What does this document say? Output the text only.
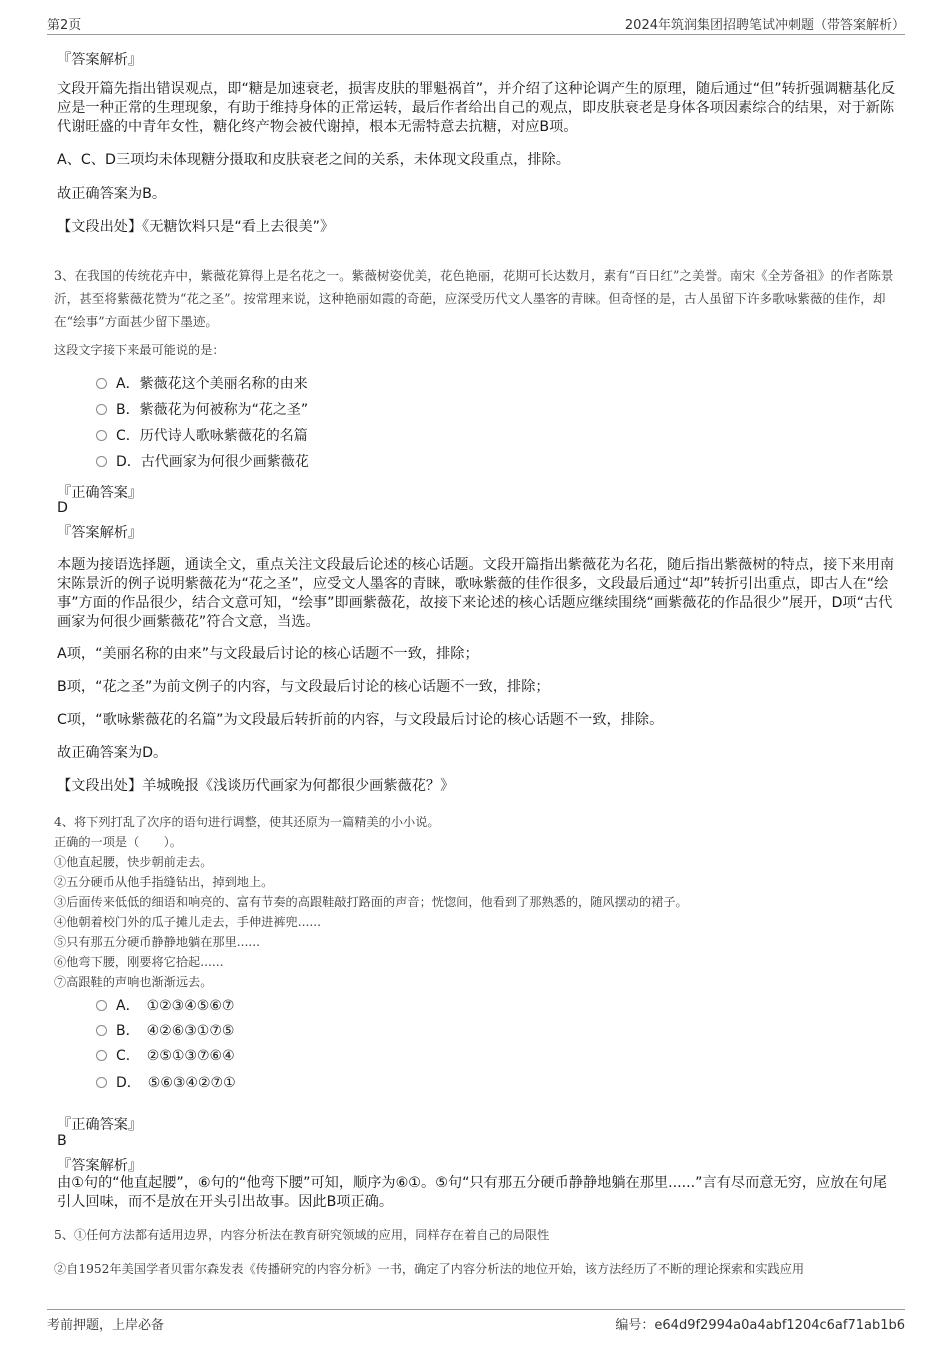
第2页	2024年筑润集团招聘笔试冲刺题（带答案解析）
『答案解析』
文段开篇先指出错误观点，即“糖是加速衰老，损害皮肤的罪魁祸首”，并介绍了这种论调产生的原理，随后通过“但”转折强调糖基化反应是一种正常的生理现象，有助于维持身体的正常运转，最后作者给出自己的观点，即皮肤衰老是身体各项因素综合的结果，对于新陈代谢旺盛的中青年女性，糖化终产物会被代谢掉，根本无需特意去抗糖，对应B项。
A、C、D三项均未体现糖分摄取和皮肤衰老之间的关系，未体现文段重点，排除。
故正确答案为B。
【文段出处】《无糖饮料只是“看上去很美”》
3、在我国的传统花卉中，紫薇花算得上是名花之一。紫薇树姿优美，花色艳丽，花期可长达数月，素有“百日红”之美誉。南宋《全芳备祖》的作者陈景沂，甚至将紫薇花赞为“花之圣”。按常理来说，这种艳丽如霞的奇葩，应深受历代文人墨客的青睐。但奇怪的是，古人虽留下许多歌咏紫薇的佳作，却在“绘事”方面甚少留下墨迹。
这段文字接下来最可能说的是：
A．紫薇花这个美丽名称的由来
B．紫薇花为何被称为“花之圣”
C．历代诗人歌咏紫薇花的名篇
D．古代画家为何很少画紫薇花
『正确答案』
D
『答案解析』
本题为接语选择题，通读全文，重点关注文段最后论述的核心话题。文段开篇指出紫薇花为名花，随后指出紫薇树的特点，接下来用南宋陈景沂的例子说明紫薇花为“花之圣”，应受文人墨客的青睐，歌咏紫薇的佳作很多，文段最后通过“却”转折引出重点，即古人在“绘事”方面的作品很少，结合文意可知，“绘事”即画紫薇花，故接下来论述的核心话题应继续围绕“画紫薇花的作品很少”展开，D项“古代画家为何很少画紫薇花”符合文意，当选。
A项，“美丽名称的由来”与文段最后讨论的核心话题不一致，排除；
B项，“花之圣”为前文例子的内容，与文段最后讨论的核心话题不一致，排除；
C项，“歌咏紫薇花的名篇”为文段最后转折前的内容，与文段最后讨论的核心话题不一致，排除。
故正确答案为D。
【文段出处】羊城晚报《浅谈历代画家为何都很少画紫薇花？》
4、将下列打乱了次序的语句进行调整，使其还原为一篇精美的小小说。
正确的一项是（　　）。
①他直起腰，快步朝前走去。
②五分硬币从他手指缝钻出，掉到地上。
③后面传来低低的细语和响亮的、富有节奏的高跟鞋敲打路面的声音；恍惚间，他看到了那熟悉的，随风摆动的裙子。
④他朝着校门外的瓜子摊儿走去，手伸进裤兜......
⑤只有那五分硬币静静地躺在那里......
⑥他弯下腰，刚要将它拾起......
⑦高跟鞋的声响也渐渐远去。
A．　①②③④⑤⑥⑦
B．　④②⑥③①⑦⑤
C．　②⑤①③⑦⑥④
D．　⑤⑥③④②⑦①
『正确答案』
B
『答案解析』
由①句的“他直起腰”，⑥句的“他弯下腰”可知，顺序为⑥①。⑤句“只有那五分硬币静静地躺在那里......”言有尽而意无穷，应放在句尾引人回味，而不是放在开头引出故事。因此B项正确。
5、①任何方法都有适用边界，内容分析法在教育研究领域的应用，同样存在着自己的局限性
②自1952年美国学者贝雷尔森发表《传播研究的内容分析》一书，确定了内容分析法的地位开始，该方法经历了不断的理论探索和实践应用
考前押题，上岸必备	编号：e64d9f2994a0a4abf1204c6af71ab1b6
